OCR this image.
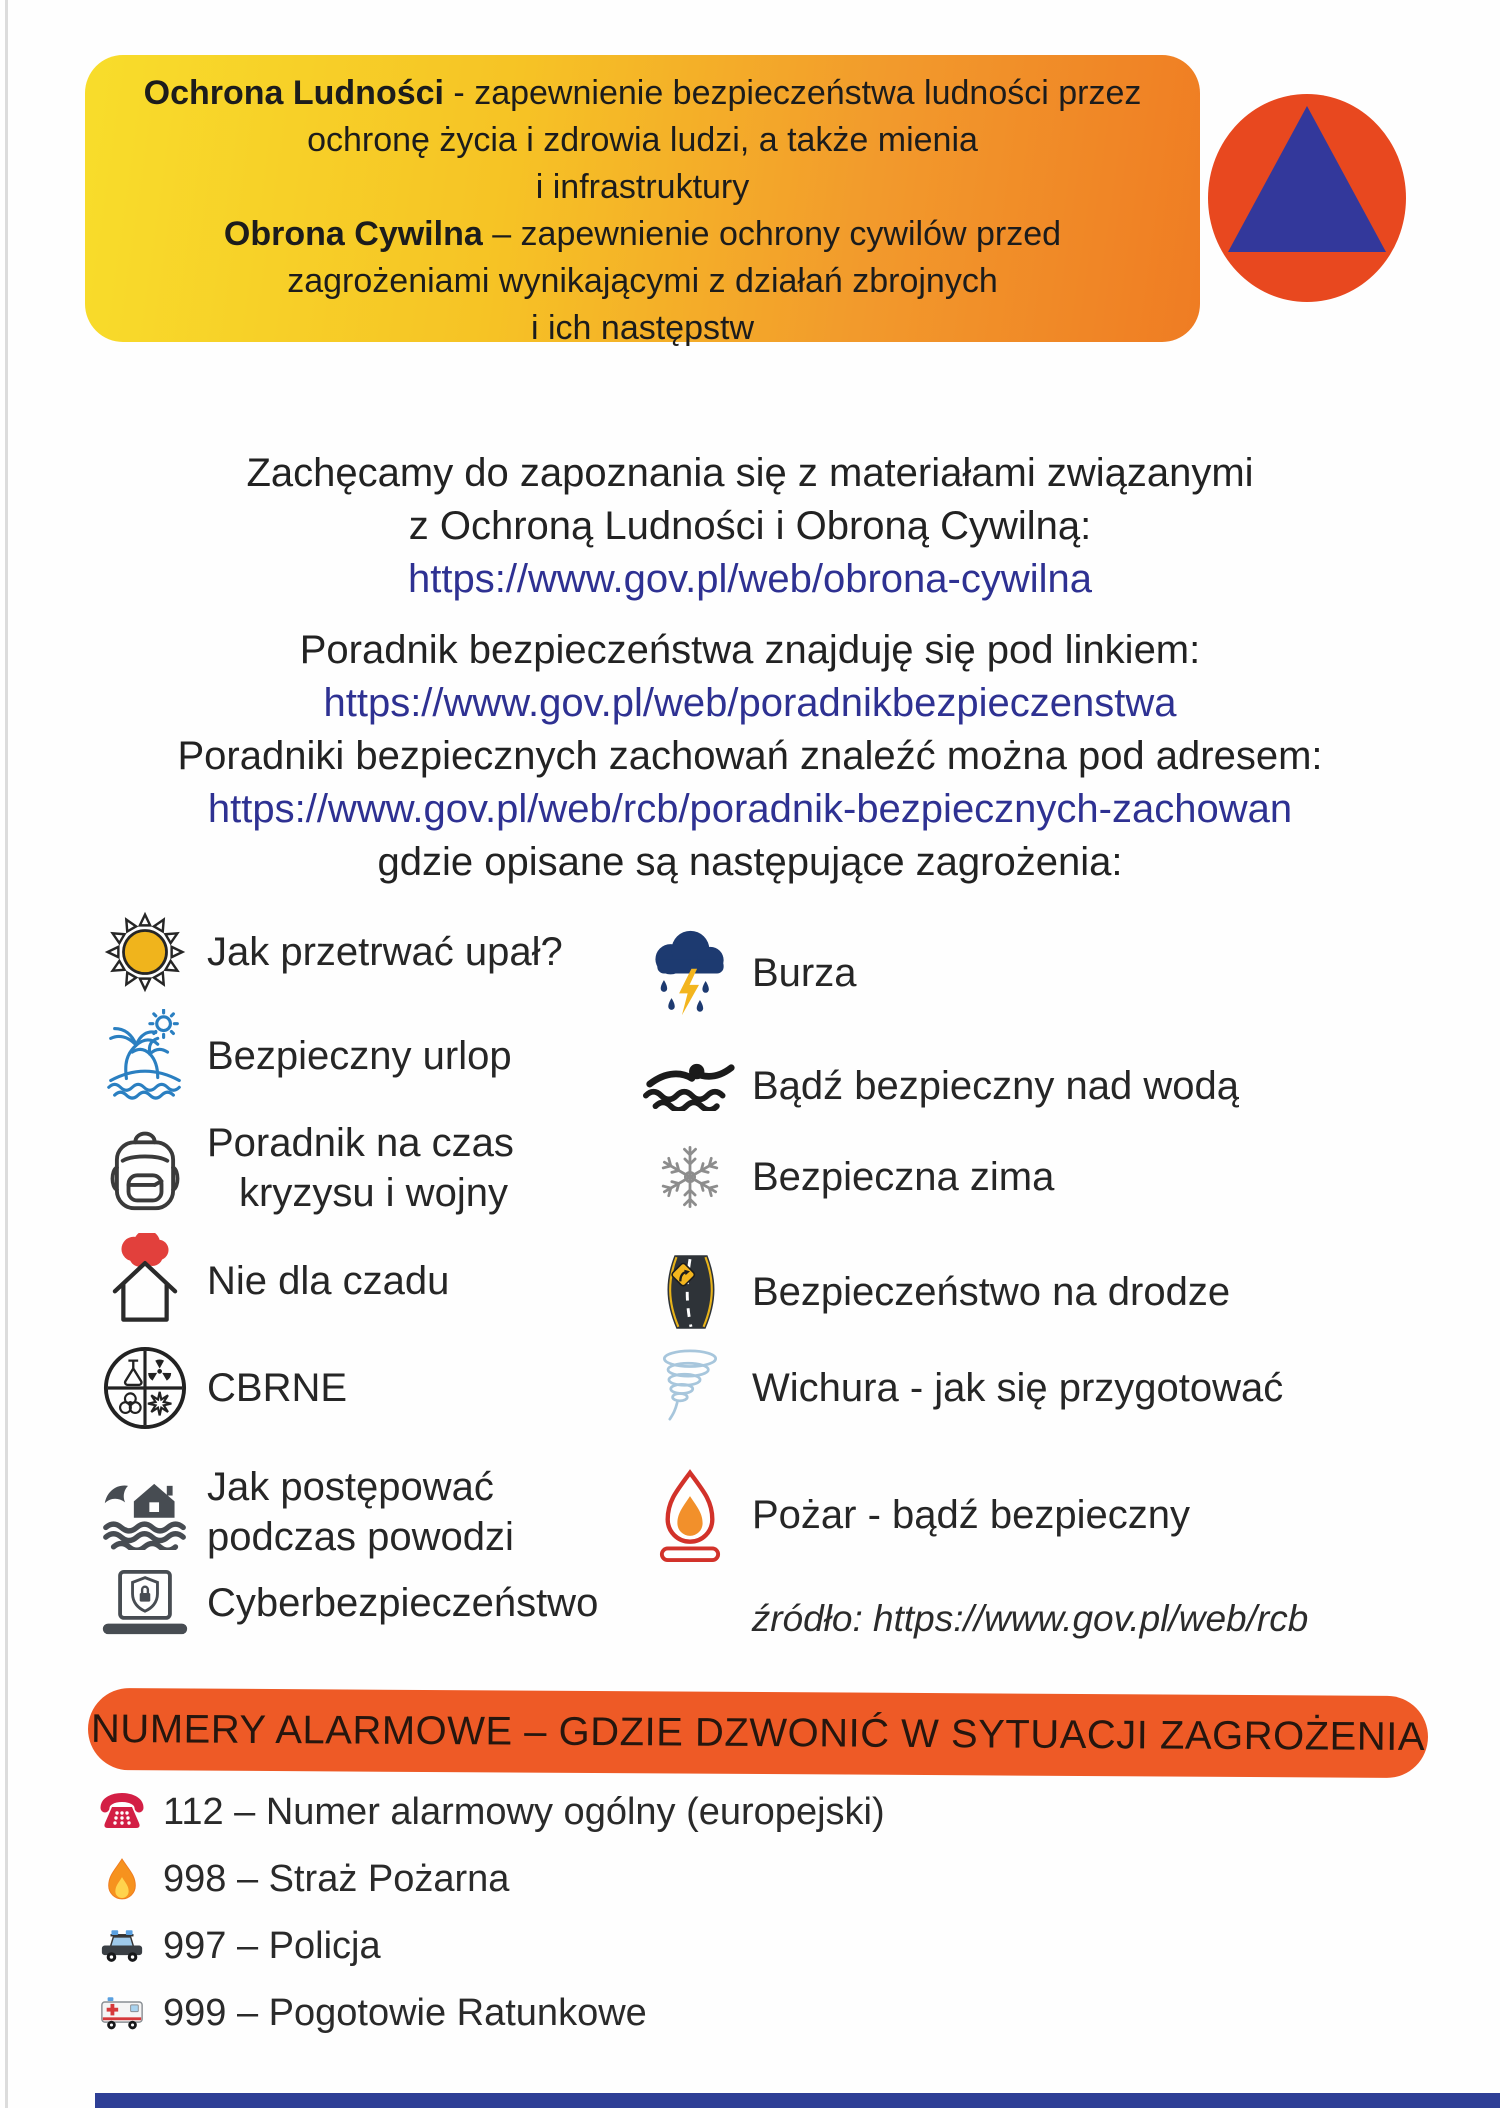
Ochrona Ludności - zapewnienie bezpieczeństwa ludności przez
ochronę życia i zdrowia ludzi, a także mienia
i infrastruktury
Obrona Cywilna – zapewnienie ochrony cywilów przed
zagrożeniami wynikającymi z działań zbrojnych
i ich następstw
Zachęcamy do zapoznania się z materiałami związanymi
z Ochroną Ludności i Obroną Cywilną:
https://www.gov.pl/web/obrona-cywilna
Poradnik bezpieczeństwa znajduję się pod linkiem:
https://www.gov.pl/web/poradnikbezpieczenstwa
Poradniki bezpiecznych zachowań znaleźć można pod adresem:
https://www.gov.pl/web/rcb/poradnik-bezpiecznych-zachowan
gdzie opisane są następujące zagrożenia:
Jak przetrwać upał?
Bezpieczny urlop
Poradnik na czas
kryzysu i wojny
Nie dla czadu
CBRNE
Jak postępować
podczas powodzi
Cyberbezpieczeństwo
Burza
Bądź bezpieczny nad wodą
Bezpieczna zima
Bezpieczeństwo na drodze
Wichura - jak się przygotować
Pożar - bądź bezpieczny
źródło: https://www.gov.pl/web/rcb
NUMERY ALARMOWE – GDZIE DZWONIĆ W SYTUACJI ZAGROŻENIA
112 – Numer alarmowy ogólny (europejski)
998 – Straż Pożarna
997 – Policja
999 – Pogotowie Ratunkowe
